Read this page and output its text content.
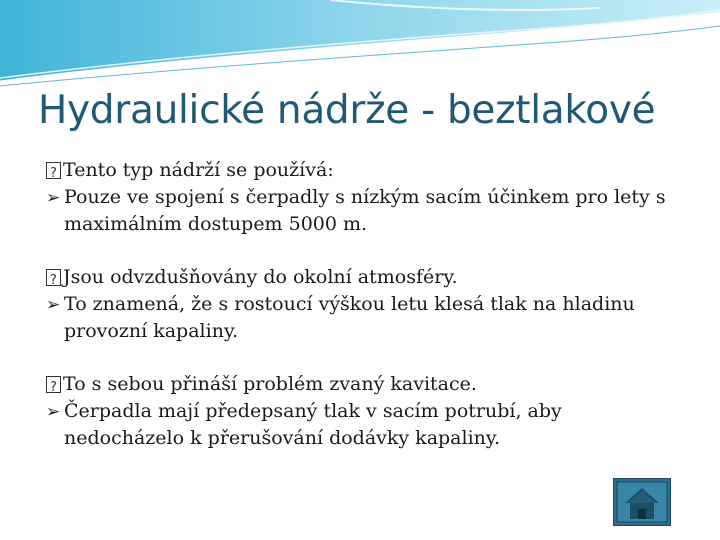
Hydraulické nádrže - beztlakové
?
Tento typ nádrží se používá:
➢ Pouze ve spojení s čerpadly s nízkým sacím účinkem pro lety s maximálním dostupem 5000 m.
?
Jsou odvzdušňovány do okolní atmosféry.
➢ To znamená, že s rostoucí výškou letu klesá tlak na hladinu provozní kapaliny.
?
To s sebou přináší problém zvaný kavitace.
➢ Čerpadla mají předepsaný tlak v sacím potrubí, aby nedocházelo k přerušování dodávky kapaliny.
